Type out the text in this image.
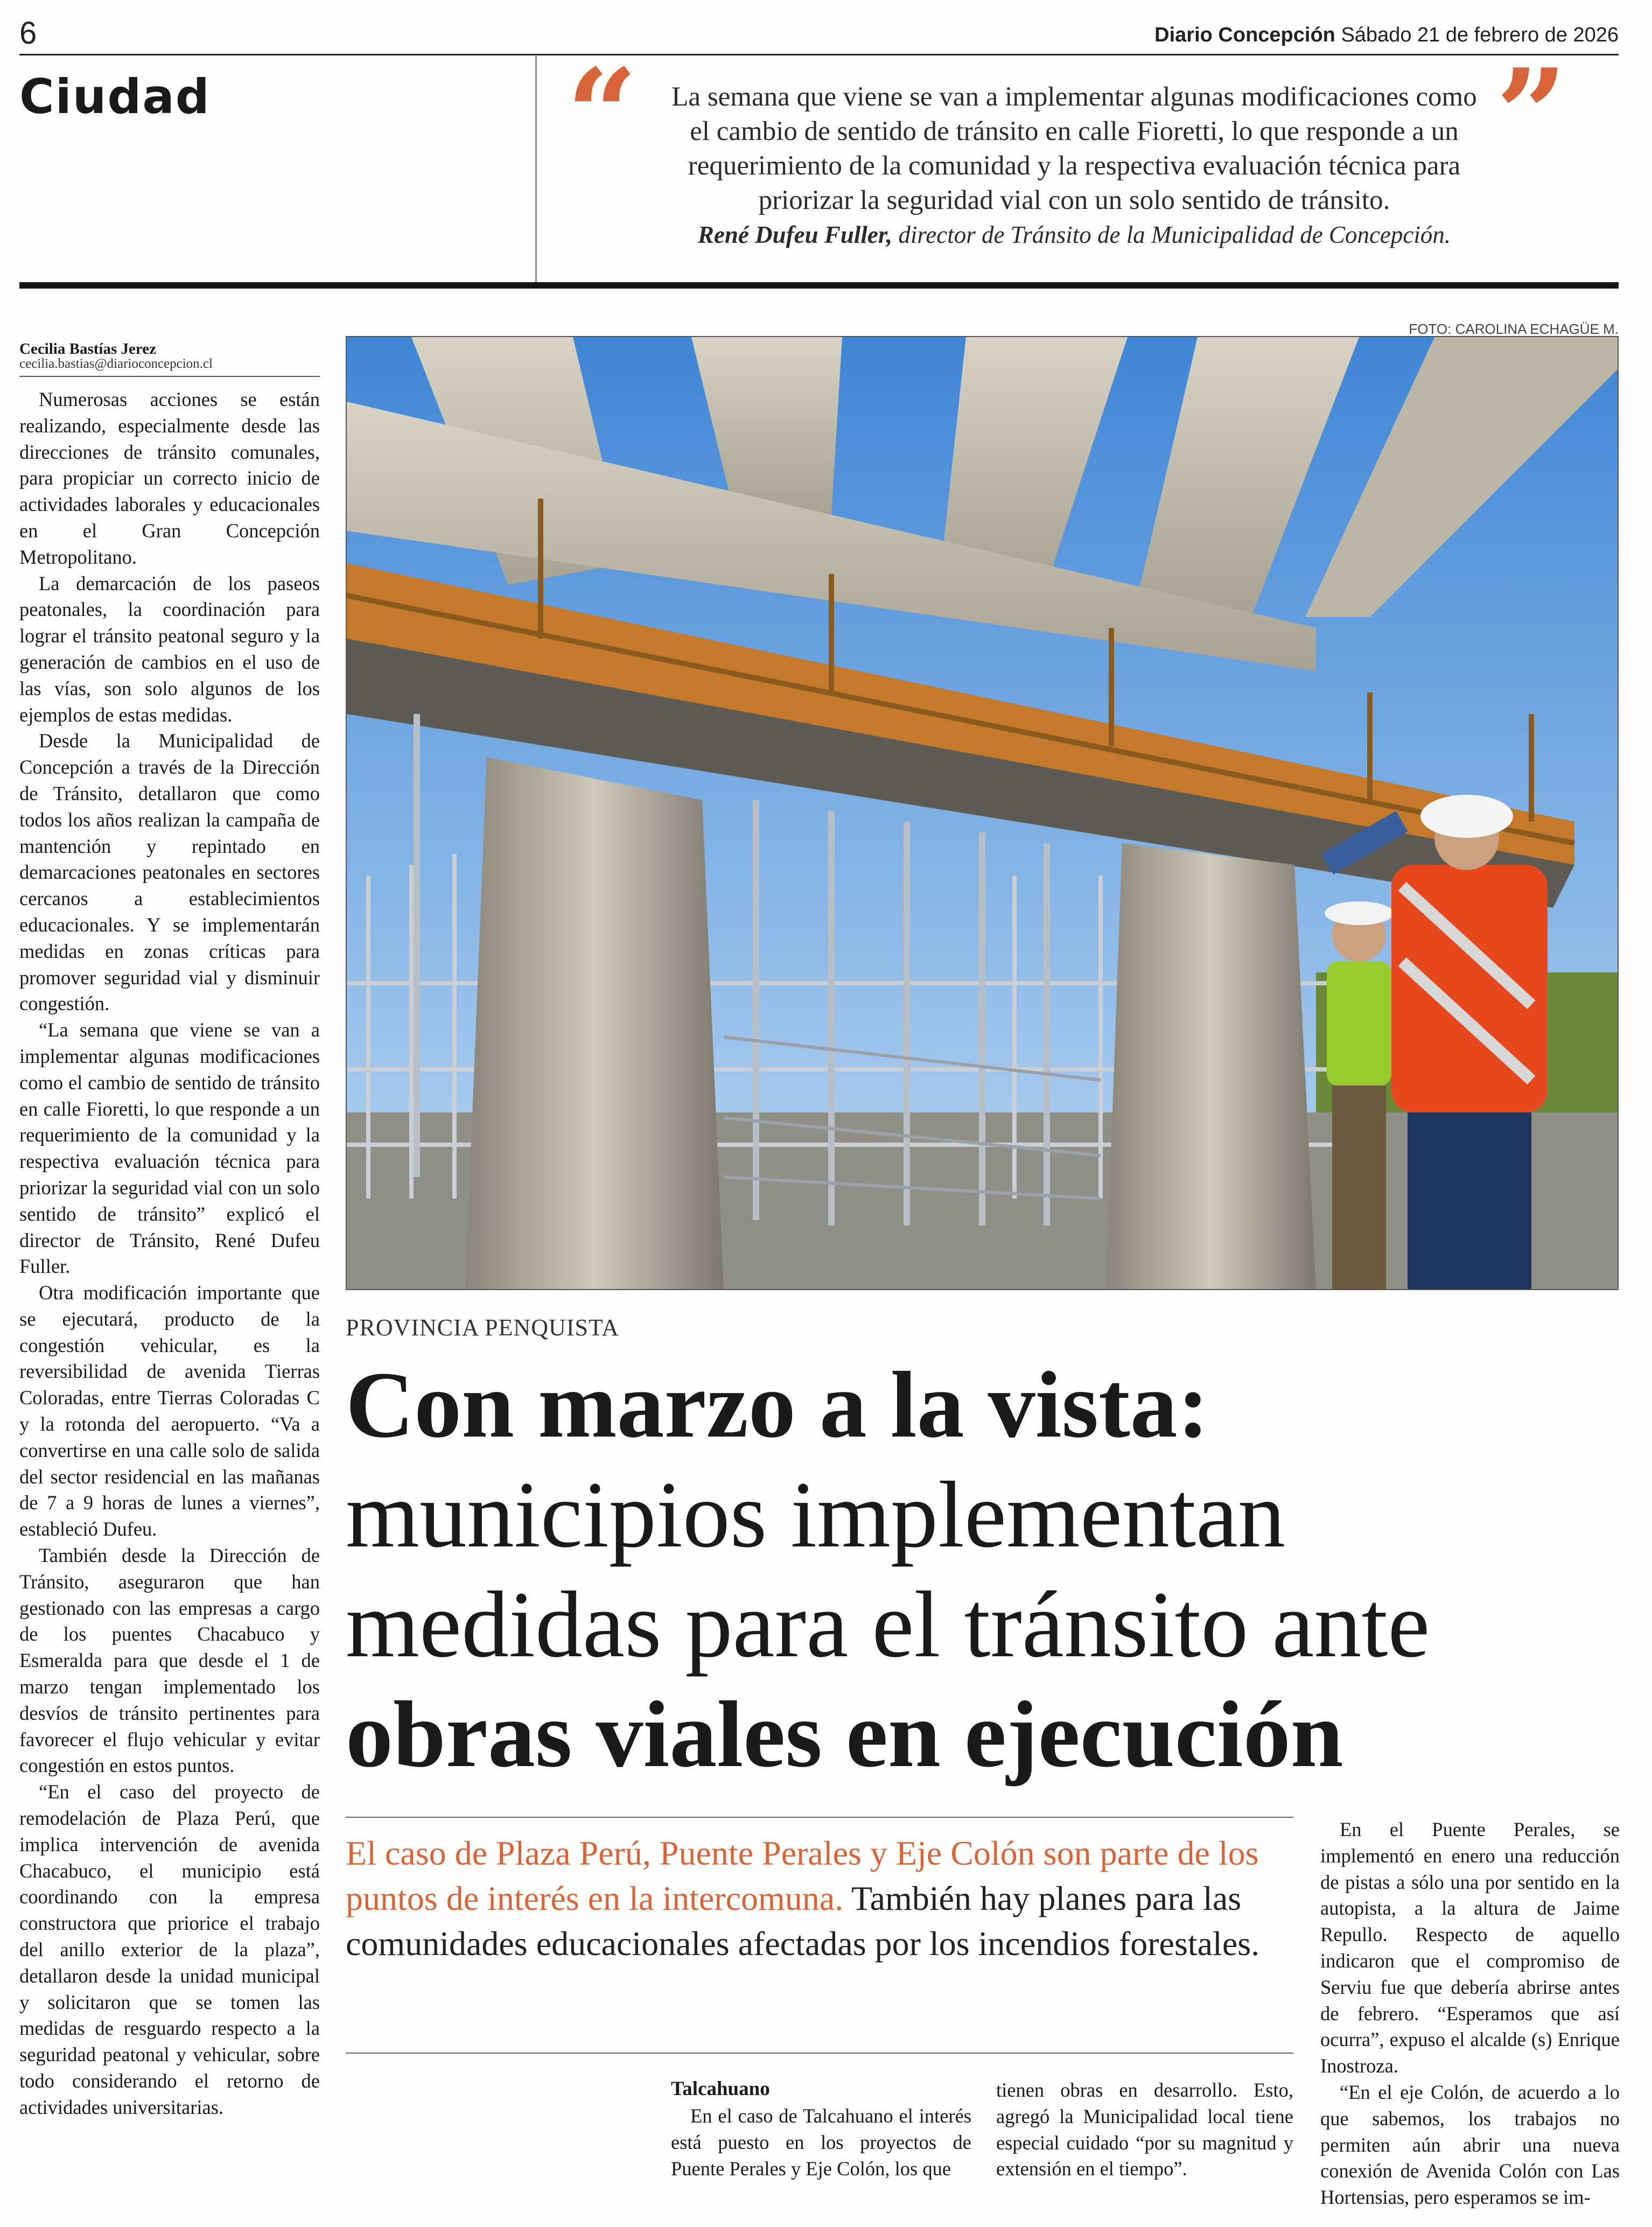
6	Diario Concepción Sábado 21 de febrero de 2026
Ciudad	“	”
La semana que viene se van a implementar algunas modificaciones como el cambio de sentido de tránsito en calle Fioretti, lo que responde a un requerimiento de la comunidad y la respectiva evaluación técnica para priorizar la seguridad vial con un solo sentido de tránsito.
René Dufeu Fuller, director de Tránsito de la Municipalidad de Concepción.
Cecilia Bastías Jerez
cecilia.bastias@diarioconcepcion.cl

Numerosas acciones se están realizando, especialmente desde las direcciones de tránsito comunales, para propiciar un correcto inicio de actividades laborales y educacionales en el Gran Concepción Metropolitano.

La demarcación de los paseos peatonales, la coordinación para lograr el tránsito peatonal seguro y la generación de cambios en el uso de las vías, son solo algunos de los ejemplos de estas medidas.

Desde la Municipalidad de Concepción a través de la Dirección de Tránsito, detallaron que como todos los años realizan la campaña de mantención y repintado en demarcaciones peatonales en sectores cercanos a establecimientos educacionales. Y se implementarán medidas en zonas críticas para promover seguridad vial y disminuir congestión.

“La semana que viene se van a implementar algunas modificaciones como el cambio de sentido de tránsito en calle Fioretti, lo que responde a un requerimiento de la comunidad y la respectiva evaluación técnica para priorizar la seguridad vial con un solo sentido de tránsito” explicó el director de Tránsito, René Dufeu Fuller.

Otra modificación importante que se ejecutará, producto de la congestión vehicular, es la reversibilidad de avenida Tierras Coloradas, entre Tierras Coloradas C y la rotonda del aeropuerto. “Va a convertirse en una calle solo de salida del sector residencial en las mañanas de 7 a 9 horas de lunes a viernes”, estableció Dufeu.

También desde la Dirección de Tránsito, aseguraron que han gestionado con las empresas a cargo de los puentes Chacabuco y Esmeralda para que desde el 1 de marzo tengan implementado los desvíos de tránsito pertinentes para favorecer el flujo vehicular y evitar congestión en estos puntos.

“En el caso del proyecto de remodelación de Plaza Perú, que implica intervención de avenida Chacabuco, el municipio está coordinando con la empresa constructora que priorice el trabajo del anillo exterior de la plaza”, detallaron desde la unidad municipal y solicitaron que se tomen las medidas de resguardo respecto a la seguridad peatonal y vehicular, sobre todo considerando el retorno de actividades universitarias.

FOTO: CAROLINA ECHAGÜE M.
PROVINCIA PENQUISTA
Con marzo a la vista:
municipios implementan
medidas para el tránsito ante
obras viales en ejecución
El caso de Plaza Perú, Puente Perales y Eje Colón son parte de los puntos de interés en la intercomuna. También hay planes para las comunidades educacionales afectadas por los incendios forestales.
Talcahuano

En el caso de Talcahuano el interés está puesto en los proyectos de Puente Perales y Eje Colón, los que

tienen obras en desarrollo. Esto, agregó la Municipalidad local tiene especial cuidado “por su magnitud y extensión en el tiempo”.

En el Puente Perales, se implementó en enero una reducción de pistas a sólo una por sentido en la autopista, a la altura de Jaime Repullo. Respecto de aquello indicaron que el compromiso de Serviu fue que debería abrirse antes de febrero. “Esperamos que así ocurra”, expuso el alcalde (s) Enrique Inostroza.

“En el eje Colón, de acuerdo a lo que sabemos, los trabajos no permiten aún abrir una nueva conexión de Avenida Colón con Las Hortensias, pero esperamos se im-
